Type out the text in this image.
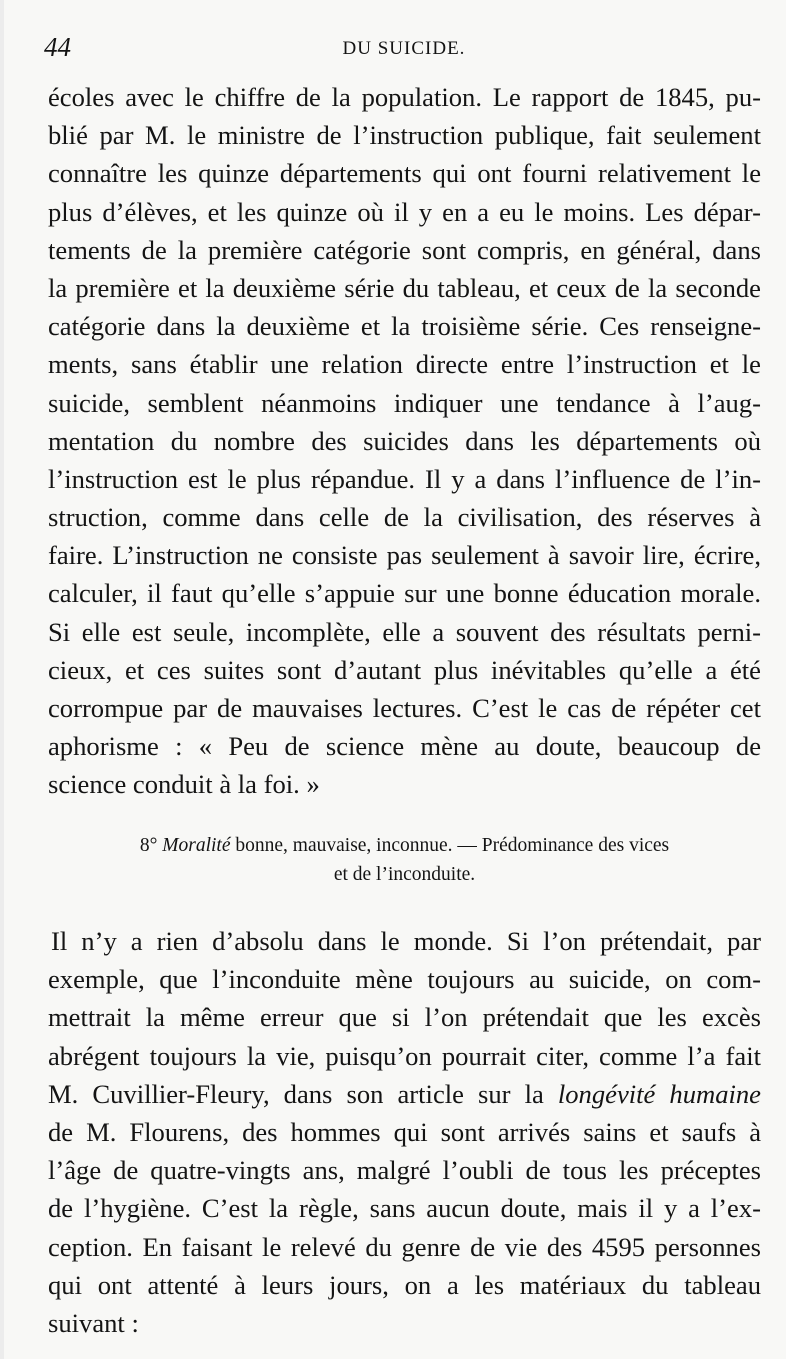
44	DU SUICIDE.
écoles avec le chiffre de la population. Le rapport de 1845, pu-
blié par M. le ministre de l’instruction publique, fait seulement
connaître les quinze départements qui ont fourni relativement le
plus d’élèves, et les quinze où il y en a eu le moins. Les dépar-
tements de la première catégorie sont compris, en général, dans
la première et la deuxième série du tableau, et ceux de la seconde
catégorie dans la deuxième et la troisième série. Ces renseigne-
ments, sans établir une relation directe entre l’instruction et le
suicide, semblent néanmoins indiquer une tendance à l’aug-
mentation du nombre des suicides dans les départements où
l’instruction est le plus répandue. Il y a dans l’influence de l’in-
struction, comme dans celle de la civilisation, des réserves à
faire. L’instruction ne consiste pas seulement à savoir lire, écrire,
calculer, il faut qu’elle s’appuie sur une bonne éducation morale.
Si elle est seule, incomplète, elle a souvent des résultats perni-
cieux, et ces suites sont d’autant plus inévitables qu’elle a été
corrompue par de mauvaises lectures. C’est le cas de répéter cet
aphorisme : « Peu de science mène au doute, beaucoup de
science conduit à la foi. »
8° Moralité bonne, mauvaise, inconnue. — Prédominance des vices
et de l’inconduite.
Il n’y a rien d’absolu dans le monde. Si l’on prétendait, par
exemple, que l’inconduite mène toujours au suicide, on com-
mettrait la même erreur que si l’on prétendait que les excès
abrégent toujours la vie, puisqu’on pourrait citer, comme l’a fait
M. Cuvillier-Fleury, dans son article sur la longévité humaine
de M. Flourens, des hommes qui sont arrivés sains et saufs à
l’âge de quatre-vingts ans, malgré l’oubli de tous les préceptes
de l’hygiène. C’est la règle, sans aucun doute, mais il y a l’ex-
ception. En faisant le relevé du genre de vie des 4595 personnes
qui ont attenté à leurs jours, on a les matériaux du tableau
suivant :
